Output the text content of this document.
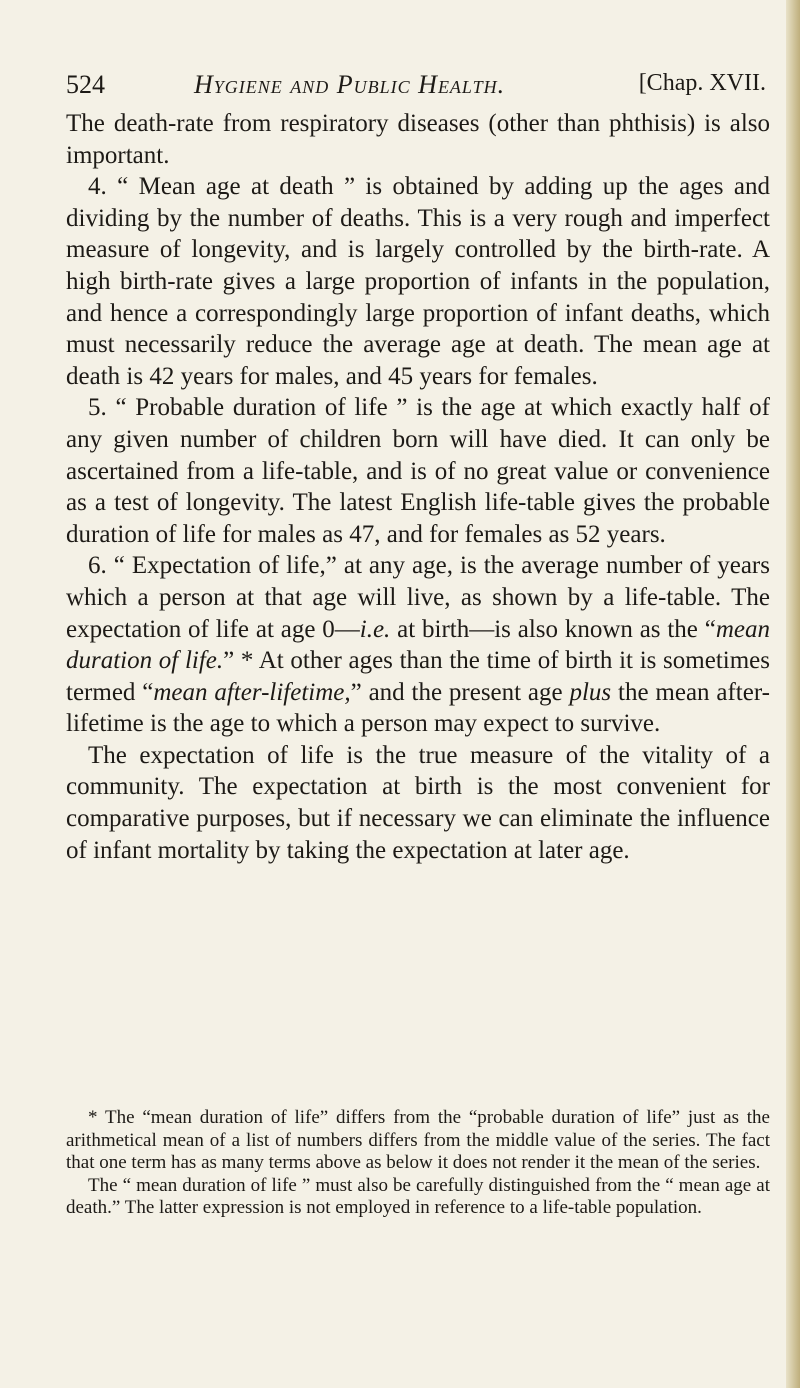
524	Hygiene and Public Health.	[Chap. XVII.

The death-rate from respiratory diseases (other than phthisis) is also important.

4. “ Mean age at death ” is obtained by adding up the ages and dividing by the number of deaths. This is a very rough and imperfect measure of longevity, and is largely controlled by the birth-rate. A high birth-rate gives a large proportion of infants in the population, and hence a correspondingly large proportion of infant deaths, which must necessarily reduce the average age at death. The mean age at death is 42 years for males, and 45 years for females.

5. “ Probable duration of life ” is the age at which exactly half of any given number of children born will have died. It can only be ascertained from a life-table, and is of no great value or convenience as a test of longevity. The latest English life-table gives the probable duration of life for males as 47, and for females as 52 years.

6. “ Expectation of life,” at any age, is the average number of years which a person at that age will live, as shown by a life-table. The expectation of life at age 0—i.e. at birth—is also known as the “mean duration of life.” * At other ages than the time of birth it is sometimes termed “mean after-lifetime,” and the present age plus the mean after-lifetime is the age to which a person may expect to survive.

The expectation of life is the true measure of the vitality of a community. The expectation at birth is the most convenient for comparative purposes, but if necessary we can eliminate the influence of infant mortality by taking the expectation at later age.

* The “mean duration of life” differs from the “probable duration of life” just as the arithmetical mean of a list of numbers differs from the middle value of the series. The fact that one term has as many terms above as below it does not render it the mean of the series.

The “ mean duration of life ” must also be carefully distinguished from the “ mean age at death.” The latter expression is not employed in reference to a life-table population.
